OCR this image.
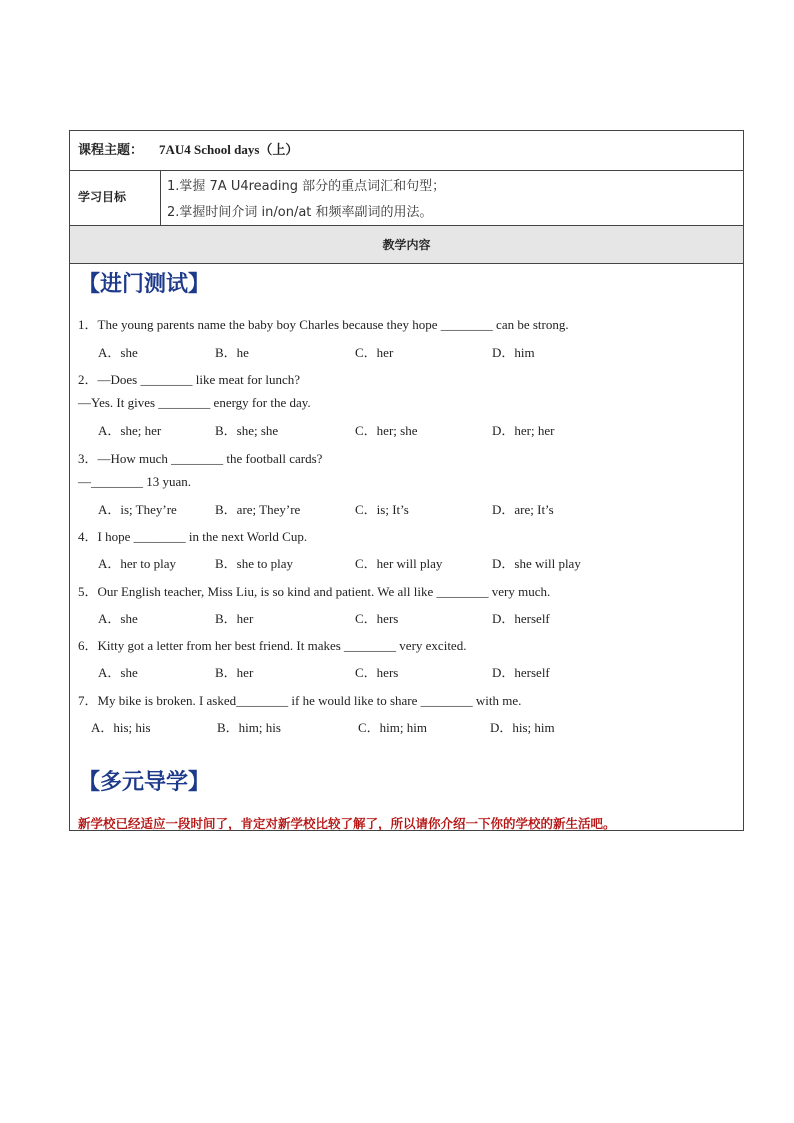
课程主题： 7AU4 School days（上）
学习目标
1.掌握 7A U4reading 部分的重点词汇和句型；
2.掌握时间介词 in/on/at 和频率副词的用法。
教学内容
【进门测试】
1．The young parents name the baby boy Charles because they hope ________ can be strong.
A．she	B．he	C．her	D．him
2．—Does ________ like meat for lunch?
—Yes. It gives ________ energy for the day.
A．she; her	B．she; she	C．her; she	D．her; her
3．—How much ________ the football cards?
—________ 13 yuan.
A．is; They’re	B．are; They’re	C．is; It’s	D．are; It’s
4．I hope ________ in the next World Cup.
A．her to play	B．she to play	C．her will play	D．she will play
5．Our English teacher, Miss Liu, is so kind and patient. We all like ________ very much.
A．she	B．her	C．hers	D．herself
6．Kitty got a letter from her best friend. It makes ________ very excited.
A．she	B．her	C．hers	D．herself
7．My bike is broken. I asked________ if he would like to share ________ with me.
A．his; his	B．him; his	C．him; him	D．his; him
【多元导学】
新学校已经适应一段时间了，肯定对新学校比较了解了，所以请你介绍一下你的学校的新生活吧。
